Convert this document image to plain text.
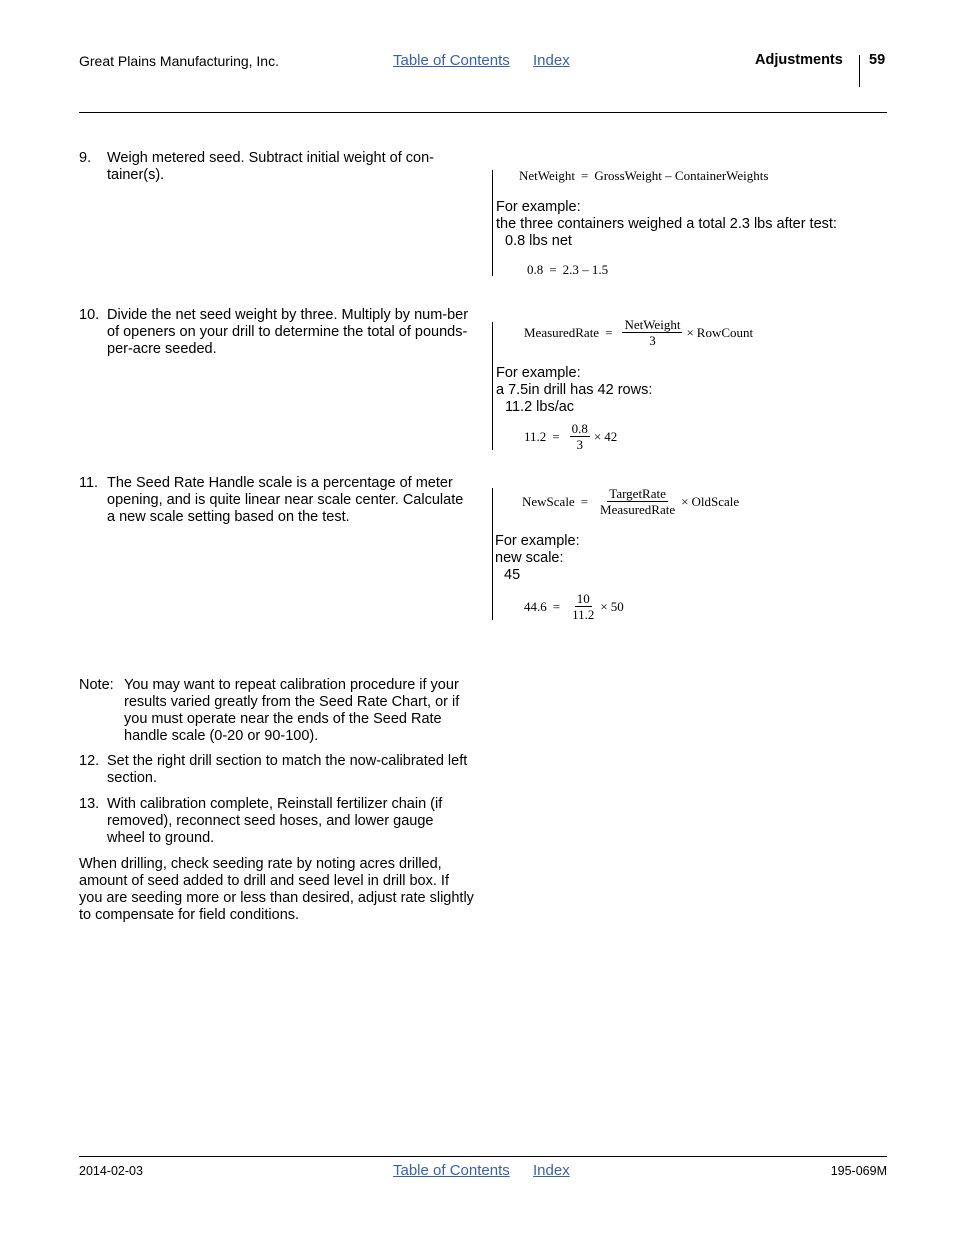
Great Plains Manufacturing, Inc.	Table of Contents Index	Adjustments 59
9. Weigh metered seed. Subtract initial weight of con-tainer(s).	NetWeight = GrossWeight – ContainerWeights
For example:
the three containers weighed a total 2.3 lbs after test:
0.8 lbs net
0.8 = 2.3 – 1.5
10. Divide the net seed weight by three. Multiply by num-ber of openers on your drill to determine the total of pounds-per-acre seeded.
MeasuredRate = $\frac{\text{NetWeight}}{3}$ × RowCount
For example:
a 7.5in drill has 42 rows:
11.2 lbs/ac
$11.2 = \frac{0.8}{3} \times 42$
11. The Seed Rate Handle scale is a percentage of meter opening, and is quite linear near scale center. Calculate a new scale setting based on the test.
NewScale = $\frac{\text{TargetRate}}{\text{MeasuredRate}}$ × OldScale
For example:
new scale:
45
$44.6 = \frac{10}{11.2} \times 50$
Note: You may want to repeat calibration procedure if your results varied greatly from the Seed Rate Chart, or if you must operate near the ends of the Seed Rate handle scale (0-20 or 90-100).
12. Set the right drill section to match the now-calibrated left section.
13. With calibration complete, Reinstall fertilizer chain (if removed), reconnect seed hoses, and lower gauge wheel to ground.
When drilling, check seeding rate by noting acres drilled, amount of seed added to drill and seed level in drill box. If you are seeding more or less than desired, adjust rate slightly to compensate for field conditions.
2014-02-03	Table of Contents Index	195-069M
